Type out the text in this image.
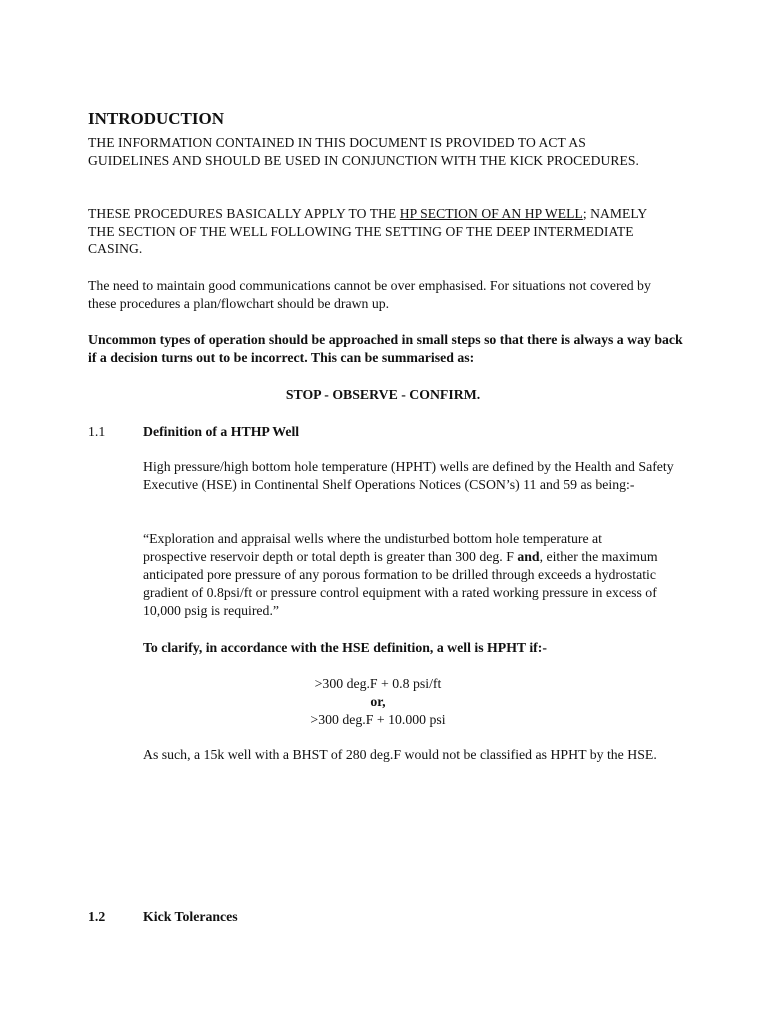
INTRODUCTION

THE INFORMATION CONTAINED IN THIS DOCUMENT IS PROVIDED TO ACT AS GUIDELINES AND SHOULD BE USED IN CONJUNCTION WITH THE KICK PROCEDURES.

THESE PROCEDURES BASICALLY APPLY TO THE HP SECTION OF AN HP WELL; NAMELY THE SECTION OF THE WELL FOLLOWING THE SETTING OF THE DEEP INTERMEDIATE CASING.

The need to maintain good communications cannot be over emphasised. For situations not covered by these procedures a plan/flowchart should be drawn up.

Uncommon types of operation should be approached in small steps so that there is always a way back if a decision turns out to be incorrect. This can be summarised as:

STOP - OBSERVE - CONFIRM.

1.1	Definition of a HTHP Well

High pressure/high bottom hole temperature (HPHT) wells are defined by the Health and Safety Executive (HSE) in Continental Shelf Operations Notices (CSON’s) 11 and 59 as being:-

“Exploration and appraisal wells where the undisturbed bottom hole temperature at prospective reservoir depth or total depth is greater than 300 deg. F and, either the maximum anticipated pore pressure of any porous formation to be drilled through exceeds a hydrostatic gradient of 0.8psi/ft or pressure control equipment with a rated working pressure in excess of 10,000 psig is required.”

To clarify, in accordance with the HSE definition, a well is HPHT if:-

>300 deg.F + 0.8 psi/ft

or,

>300 deg.F + 10.000 psi

As such, a 15k well with a BHST of 280 deg.F would not be classified as HPHT by the HSE.

1.2	Kick Tolerances
